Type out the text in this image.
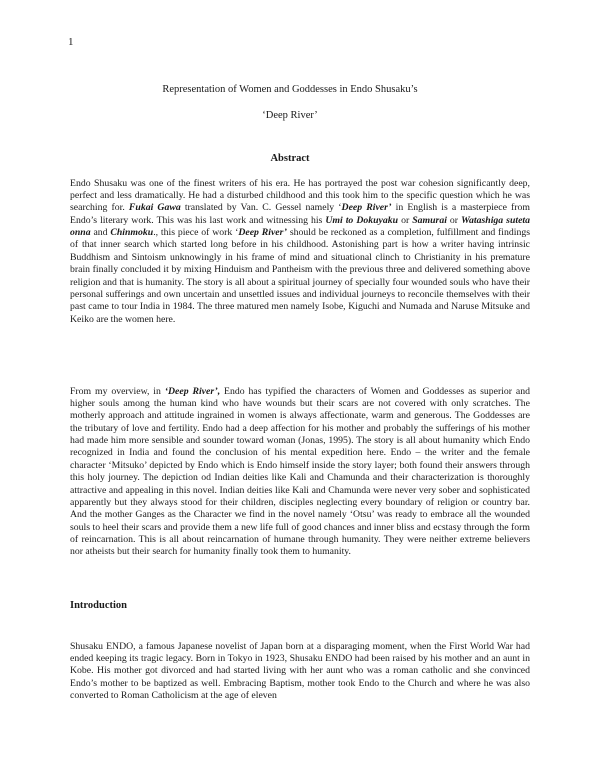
1
Representation of Women and Goddesses in Endo Shusaku’s
‘Deep River’
Abstract

Endo Shusaku was one of the finest writers of his era. He has portrayed the post war cohesion significantly deep, perfect and less dramatically. He had a disturbed childhood and this took him to the specific question which he was searching for. Fukai Gawa translated by Van. C. Gessel namely ‘Deep River’ in English is a masterpiece from Endo’s literary work. This was his last work and witnessing his Umi to Dokuyaku or Samurai or Watashiga suteta onna and Chinmoku., this piece of work ‘Deep River’ should be reckoned as a completion, fulfillment and findings of that inner search which started long before in his childhood. Astonishing part is how a writer having intrinsic Buddhism and Sintoism unknowingly in his frame of mind and situational clinch to Christianity in his premature brain finally concluded it by mixing Hinduism and Pantheism with the previous three and delivered something above religion and that is humanity. The story is all about a spiritual journey of specially four wounded souls who have their personal sufferings and own uncertain and unsettled issues and individual journeys to reconcile themselves with their past came to tour India in 1984. The three matured men namely Isobe, Kiguchi and Numada and Naruse Mitsuke and Keiko are the women here.

From my overview, in ‘Deep River’, Endo has typified the characters of Women and Goddesses as superior and higher souls among the human kind who have wounds but their scars are not covered with only scratches. The motherly approach and attitude ingrained in women is always affectionate, warm and generous. The Goddesses are the tributary of love and fertility. Endo had a deep affection for his mother and probably the sufferings of his mother had made him more sensible and sounder toward woman (Jonas, 1995). The story is all about humanity which Endo recognized in India and found the conclusion of his mental expedition here. Endo – the writer and the female character ‘Mitsuko’ depicted by Endo which is Endo himself inside the story layer; both found their answers through this holy journey. The depiction od Indian deities like Kali and Chamunda and their characterization is thoroughly attractive and appealing in this novel. Indian deities like Kali and Chamunda were never very sober and sophisticated apparently but they always stood for their children, disciples neglecting every boundary of religion or country bar. And the mother Ganges as the Character we find in the novel namely ‘Otsu’ was ready to embrace all the wounded souls to heel their scars and provide them a new life full of good chances and inner bliss and ecstasy through the form of reincarnation. This is all about reincarnation of humane through humanity. They were neither extreme believers nor atheists but their search for humanity finally took them to humanity.

Introduction

Shusaku ENDO, a famous Japanese novelist of Japan born at a disparaging moment, when the First World War had ended keeping its tragic legacy. Born in Tokyo in 1923, Shusaku ENDO had been raised by his mother and an aunt in Kobe. His mother got divorced and had started living with her aunt who was a roman catholic and she convinced Endo’s mother to be baptized as well. Embracing Baptism, mother took Endo to the Church and where he was also converted to Roman Catholicism at the age of eleven
